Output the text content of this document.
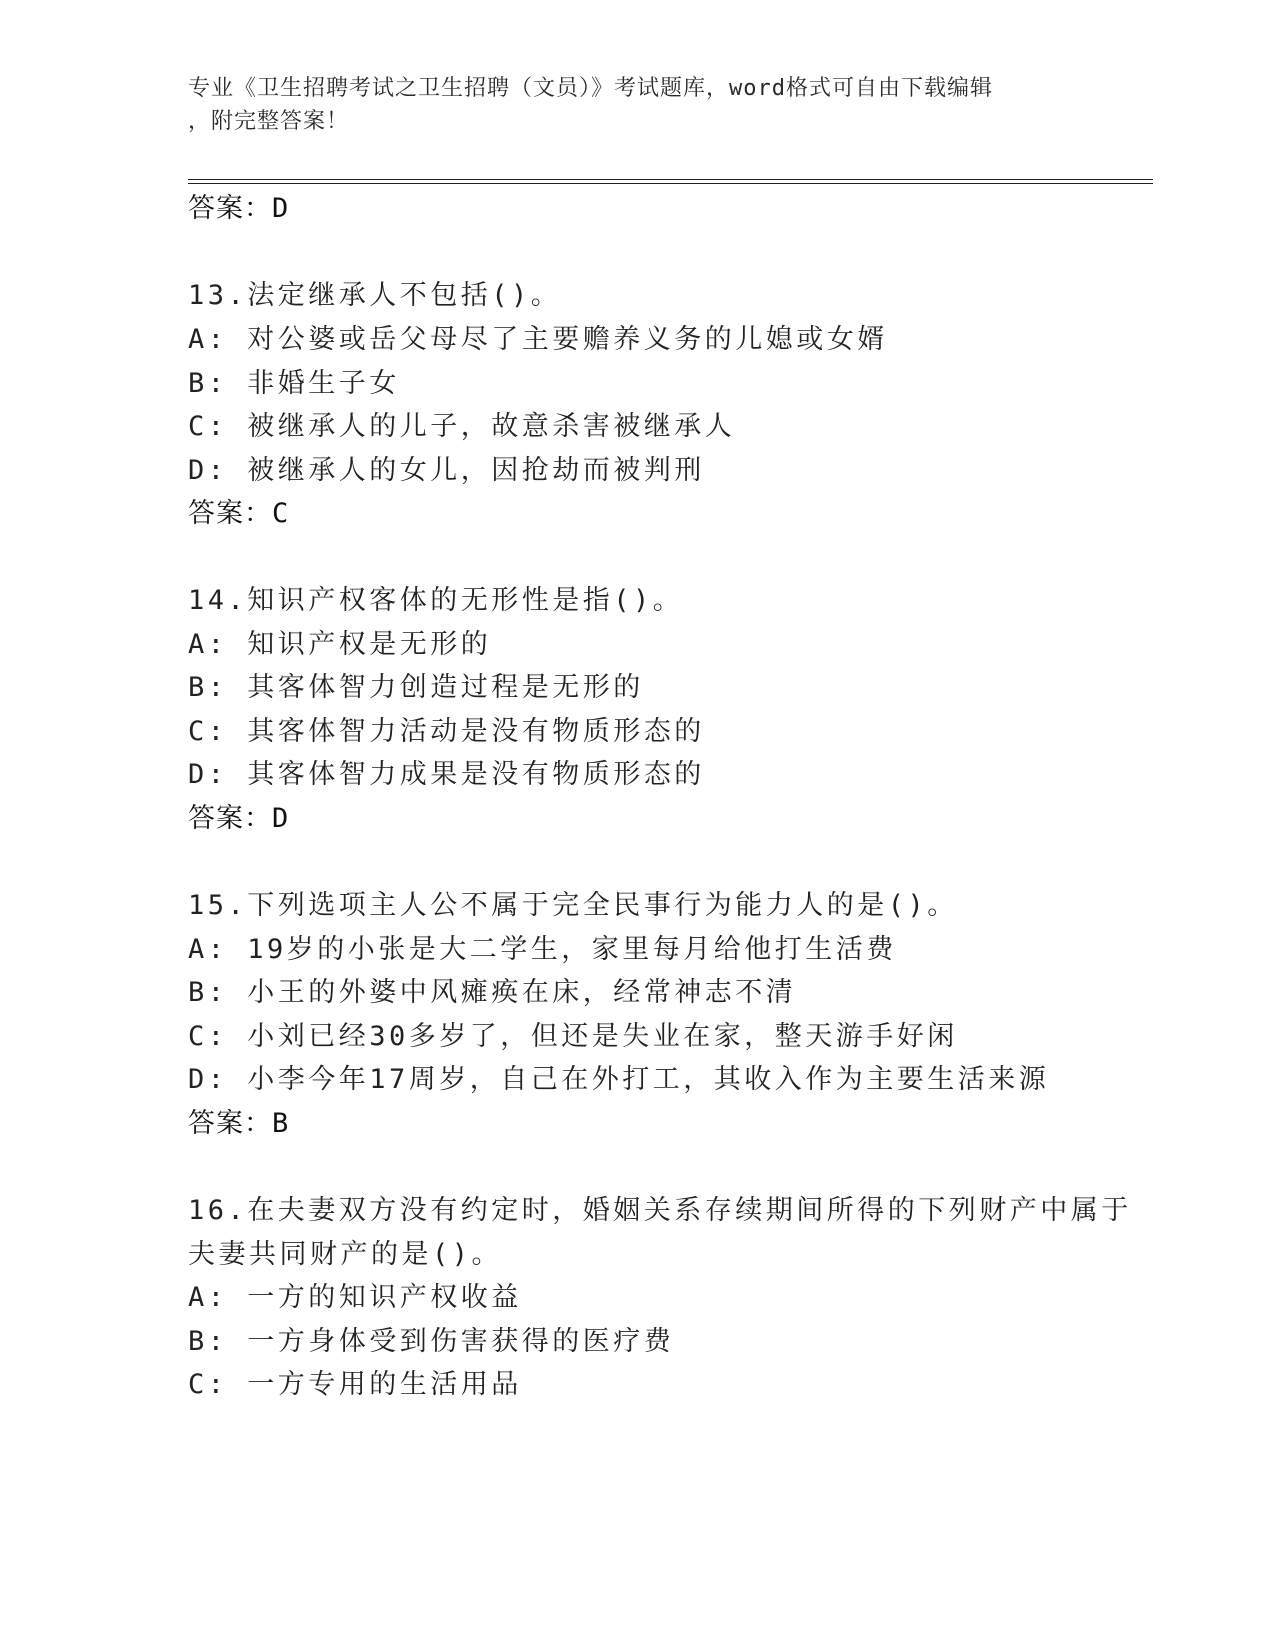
专业《卫生招聘考试之卫生招聘（文员）》考试题库，word格式可自由下载编辑
，附完整答案！
答案：D
13.法定继承人不包括()。
A: 对公婆或岳父母尽了主要赡养义务的儿媳或女婿
B: 非婚生子女
C: 被继承人的儿子，故意杀害被继承人
D: 被继承人的女儿，因抢劫而被判刑
答案：C
14.知识产权客体的无形性是指()。
A: 知识产权是无形的
B: 其客体智力创造过程是无形的
C: 其客体智力活动是没有物质形态的
D: 其客体智力成果是没有物质形态的
答案：D
15.下列选项主人公不属于完全民事行为能力人的是()。
A: 19岁的小张是大二学生，家里每月给他打生活费
B: 小王的外婆中风瘫痪在床，经常神志不清
C: 小刘已经30多岁了，但还是失业在家，整天游手好闲
D: 小李今年17周岁，自己在外打工，其收入作为主要生活来源
答案：B
16.在夫妻双方没有约定时，婚姻关系存续期间所得的下列财产中属于
夫妻共同财产的是()。
A: 一方的知识产权收益
B: 一方身体受到伤害获得的医疗费
C: 一方专用的生活用品
